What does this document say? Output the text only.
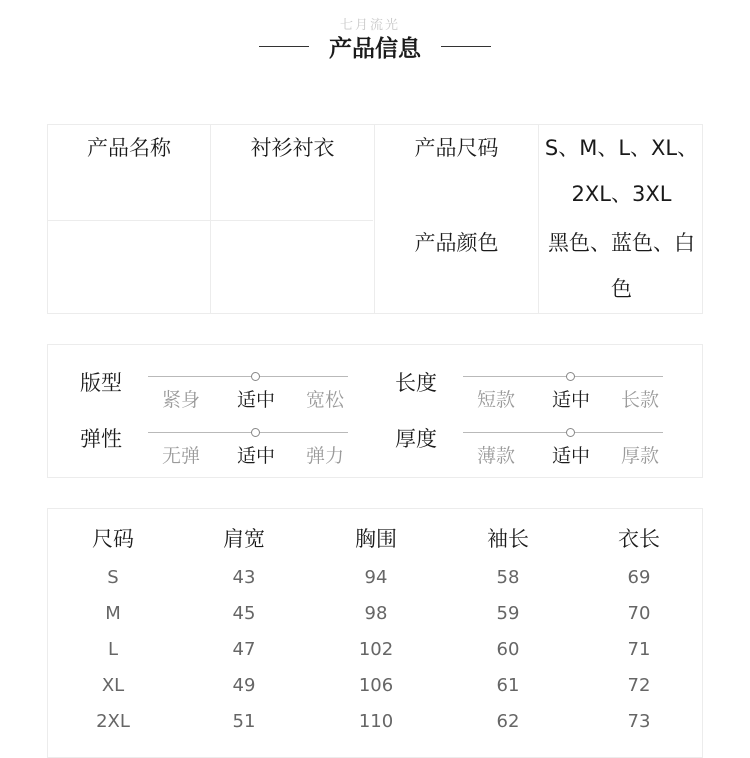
七月流光
产品信息
产品名称	衬衫衬衣	产品尺码	S、M、L、XL、
2XL、3XL
产品颜色	黑色、蓝色、白
色
版型
紧身	适中	宽松
长度
短款	适中	长款
弹性
无弹	适中	弹力
厚度
薄款	适中	厚款
尺码	肩宽	胸围	袖长	衣长
S	43	94	58	69
M	45	98	59	70
L	47	102	60	71
XL	49	106	61	72
2XL	51	110	62	73
